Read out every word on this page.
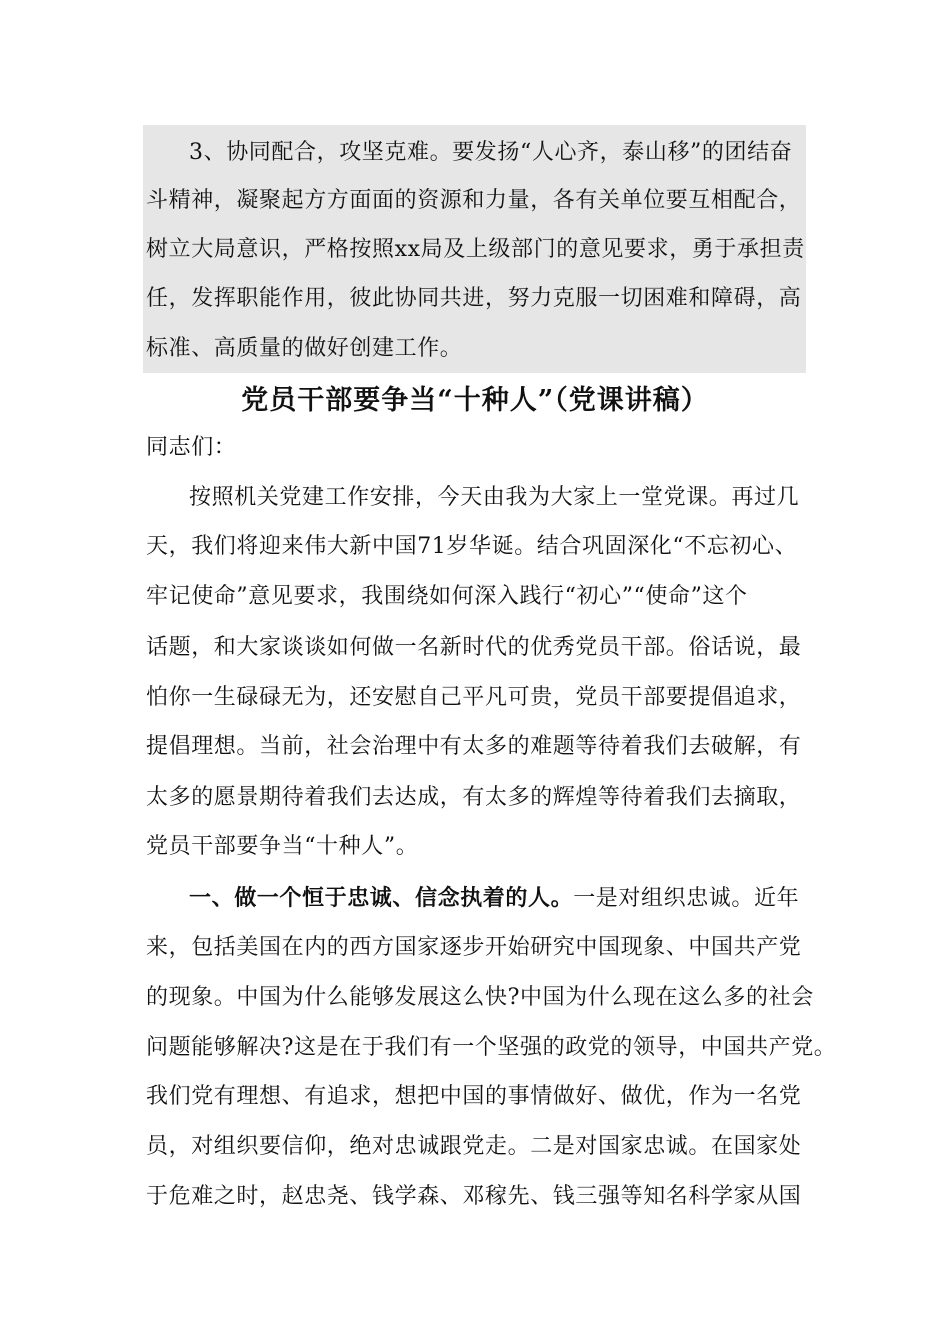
3、协同配合，攻坚克难。要发扬“人心齐，泰山移”的团结奋
斗精神，凝聚起方方面面的资源和力量，各有关单位要互相配合，
树立大局意识，严格按照xx局及上级部门的意见要求，勇于承担责
任，发挥职能作用，彼此协同共进，努力克服一切困难和障碍，高
标准、高质量的做好创建工作。
党员干部要争当“十种人”（党课讲稿）
同志们：
按照机关党建工作安排，今天由我为大家上一堂党课。再过几
天，我们将迎来伟大新中国71岁华诞。结合巩固深化“不忘初心、
牢记使命”意见要求，我围绕如何深入践行“初心”“使命”这个
话题，和大家谈谈如何做一名新时代的优秀党员干部。俗话说，最
怕你一生碌碌无为，还安慰自己平凡可贵，党员干部要提倡追求，
提倡理想。当前，社会治理中有太多的难题等待着我们去破解，有
太多的愿景期待着我们去达成，有太多的辉煌等待着我们去摘取，
党员干部要争当“十种人”。
一、做一个恒于忠诚、信念执着的人。一是对组织忠诚。近年
来，包括美国在内的西方国家逐步开始研究中国现象、中国共产党
的现象。中国为什么能够发展这么快?中国为什么现在这么多的社会
问题能够解决?这是在于我们有一个坚强的政党的领导，中国共产党。
我们党有理想、有追求，想把中国的事情做好、做优，作为一名党
员，对组织要信仰，绝对忠诚跟党走。二是对国家忠诚。在国家处
于危难之时，赵忠尧、钱学森、邓稼先、钱三强等知名科学家从国
